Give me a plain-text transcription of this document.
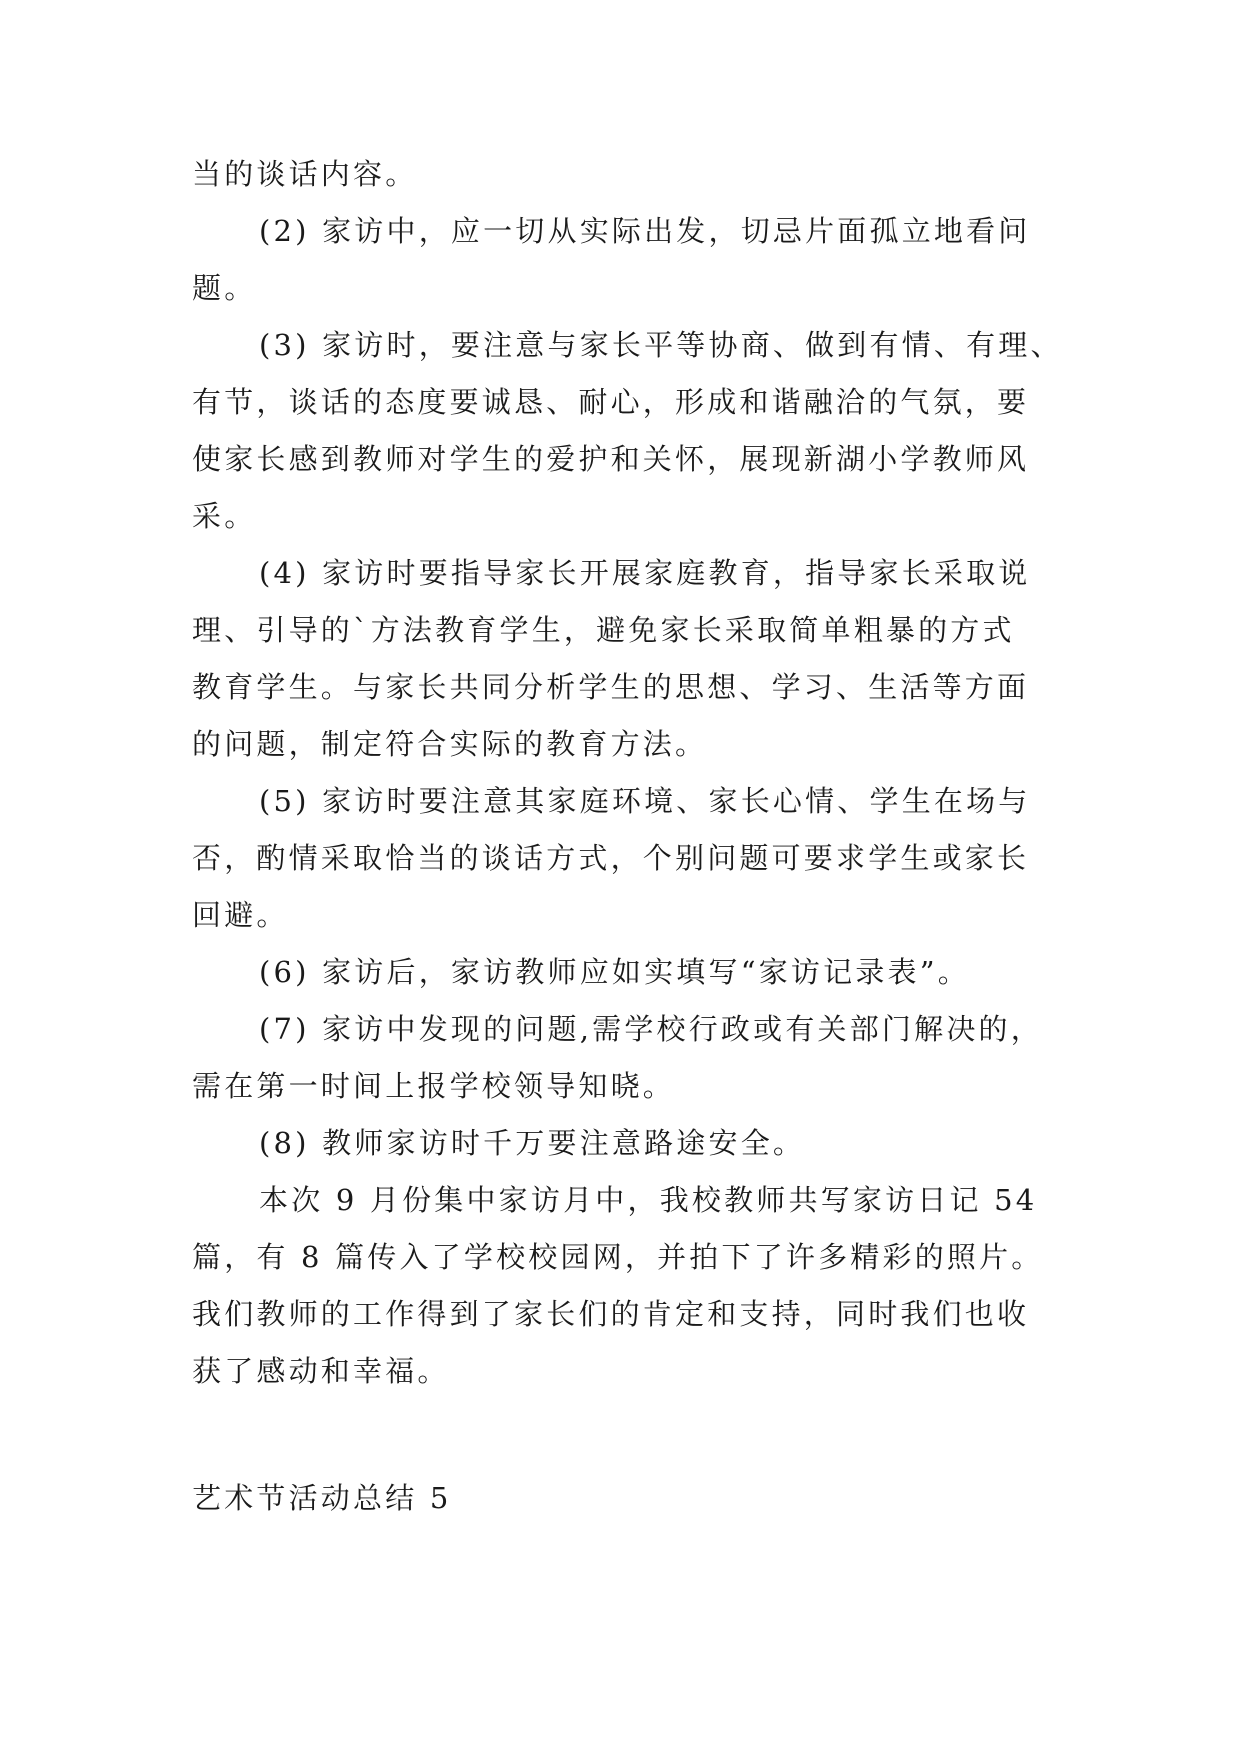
当的谈话内容。
(2) 家访中，应一切从实际出发，切忌片面孤立地看问
题。
(3) 家访时，要注意与家长平等协商、做到有情、有理、
有节，谈话的态度要诚恳、耐心，形成和谐融洽的气氛，要
使家长感到教师对学生的爱护和关怀，展现新湖小学教师风
采。
(4) 家访时要指导家长开展家庭教育，指导家长采取说
理、引导的`方法教育学生，避免家长采取简单粗暴的方式
教育学生。与家长共同分析学生的思想、学习、生活等方面
的问题，制定符合实际的教育方法。
(5) 家访时要注意其家庭环境、家长心情、学生在场与
否，酌情采取恰当的谈话方式，个别问题可要求学生或家长
回避。
(6) 家访后，家访教师应如实填写“家访记录表”。
(7) 家访中发现的问题,需学校行政或有关部门解决的，
需在第一时间上报学校领导知晓。
(8) 教师家访时千万要注意路途安全。
本次 9 月份集中家访月中，我校教师共写家访日记 54
篇，有 8 篇传入了学校校园网，并拍下了许多精彩的照片。
我们教师的工作得到了家长们的肯定和支持，同时我们也收
获了感动和幸福。
艺术节活动总结 5
